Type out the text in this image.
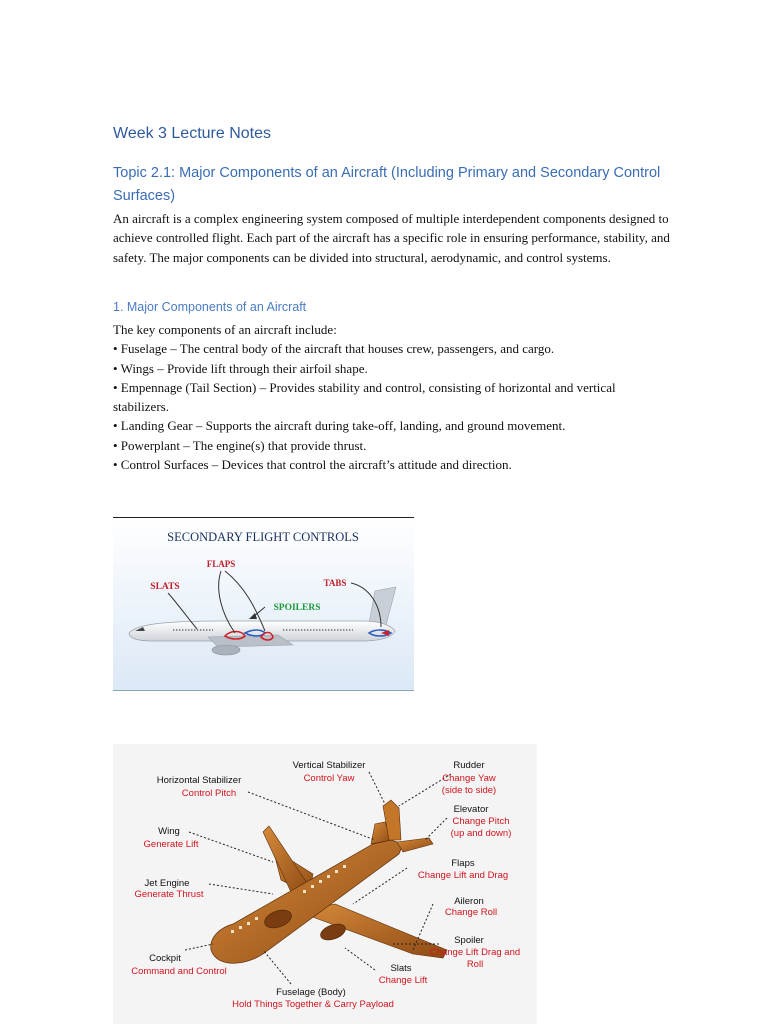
Week 3 Lecture Notes
Topic 2.1: Major Components of an Aircraft (Including Primary and Secondary Control Surfaces)
An aircraft is a complex engineering system composed of multiple interdependent components designed to achieve controlled flight. Each part of the aircraft has a specific role in ensuring performance, stability, and safety. The major components can be divided into structural, aerodynamic, and control systems.
1. Major Components of an Aircraft

The key components of an aircraft include:

• Fuselage – The central body of the aircraft that houses crew, passengers, and cargo.

• Wings – Provide lift through their airfoil shape.

• Empennage (Tail Section) – Provides stability and control, consisting of horizontal and vertical stabilizers.

• Landing Gear – Supports the aircraft during take-off, landing, and ground movement.

• Powerplant – The engine(s) that provide thrust.

• Control Surfaces – Devices that control the aircraft’s attitude and direction.

SECONDARY FLIGHT CONTROLS
FLAPS
SLATS	TABS
SPOILERS
Vertical Stabilizer
Control Yaw
Rudder
Change Yaw
(side to side)
Horizontal Stabilizer
Control Pitch
Elevator
Change Pitch
(up and down)
Wing
Generate Lift
Flaps
Change Lift and Drag
Jet Engine
Generate Thrust
Aileron
Change Roll
Spoiler
Change Lift Drag and
Roll
Cockpit
Command and Control	Slats
Change Lift
Fuselage (Body)
Hold Things Together & Carry Payload
